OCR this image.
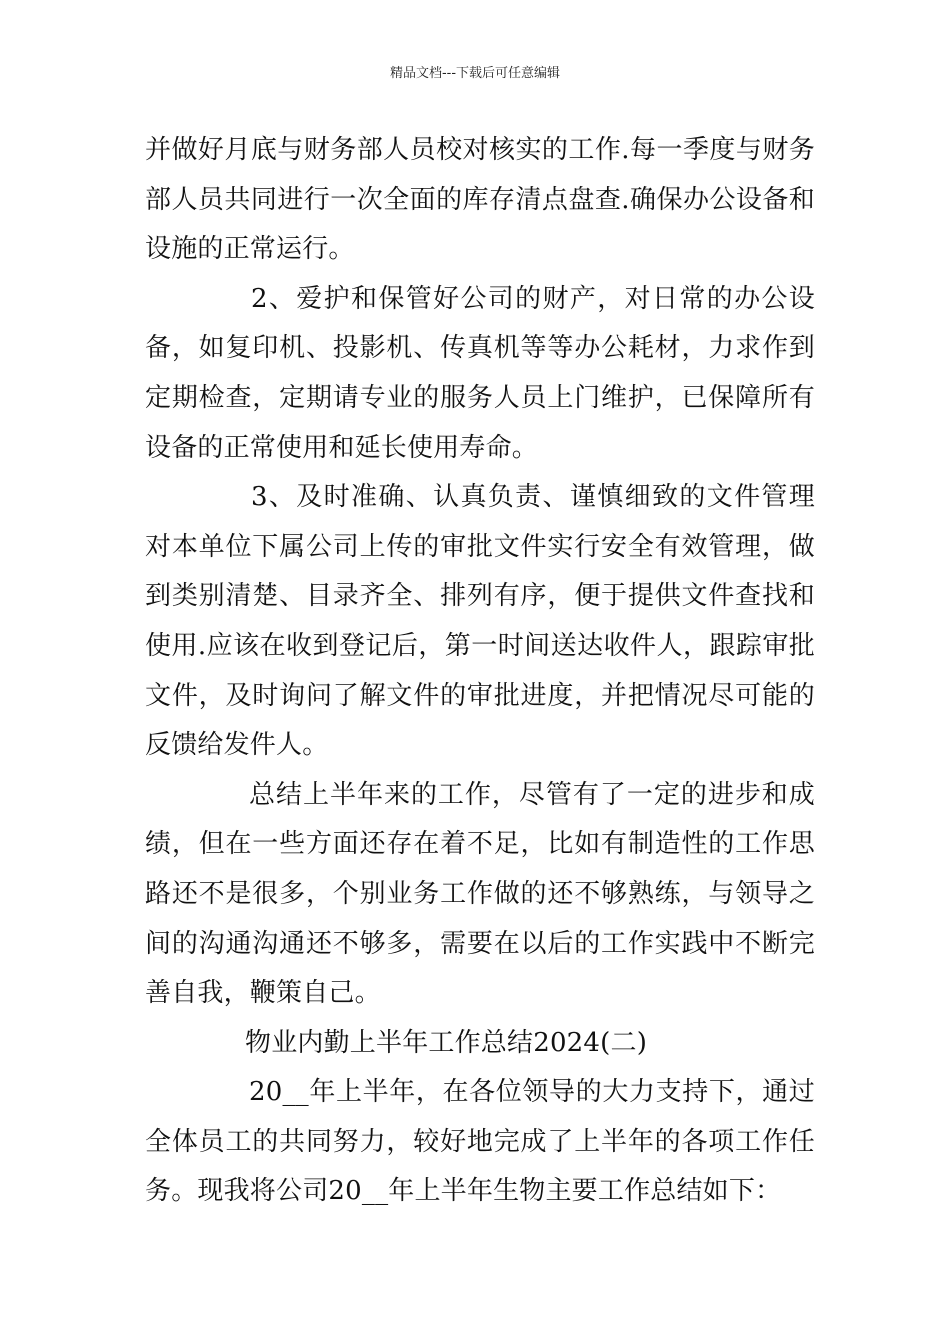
精品文档---下载后可任意编辑

并做好月底与财务部人员校对核实的工作.每一季度与财务部人员共同进行一次全面的库存清点盘查.确保办公设备和设施的正常运行。

2、爱护和保管好公司的财产，对日常的办公设备，如复印机、投影机、传真机等等办公耗材，力求作到定期检查，定期请专业的服务人员上门维护，已保障所有设备的正常使用和延长使用寿命。

3、及时准确、认真负责、谨慎细致的文件管理对本单位下属公司上传的审批文件实行安全有效管理，做到类别清楚、目录齐全、排列有序，便于提供文件查找和使用.应该在收到登记后，第一时间送达收件人，跟踪审批文件，及时询问了解文件的审批进度，并把情况尽可能的反馈给发件人。

总结上半年来的工作，尽管有了一定的进步和成绩，但在一些方面还存在着不足，比如有制造性的工作思路还不是很多，个别业务工作做的还不够熟练，与领导之间的沟通沟通还不够多，需要在以后的工作实践中不断完善自我，鞭策自己。

物业内勤上半年工作总结2024(二)

20__年上半年，在各位领导的大力支持下，通过全体员工的共同努力，较好地完成了上半年的各项工作任务。现我将公司20__年上半年生物主要工作总结如下：
